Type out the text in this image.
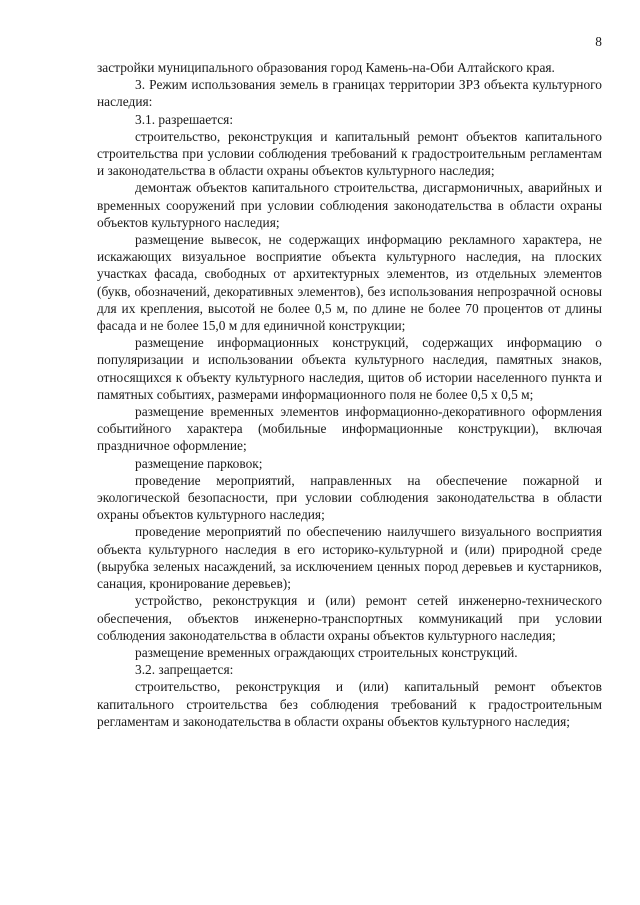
8

застройки муниципального образования город Камень-на-Оби Алтайского края.

3. Режим использования земель в границах территории ЗРЗ объекта культурного наследия:

3.1. разрешается:

строительство, реконструкция и капитальный ремонт объектов капитального строительства при условии соблюдения требований к градостроительным регламентам и законодательства в области охраны объектов культурного наследия;

демонтаж объектов капитального строительства, дисгармоничных, аварийных и временных сооружений при условии соблюдения законодательства в области охраны объектов культурного наследия;

размещение вывесок, не содержащих информацию рекламного характера, не искажающих визуальное восприятие объекта культурного наследия, на плоских участках фасада, свободных от архитектурных элементов, из отдельных элементов (букв, обозначений, декоративных элементов), без использования непрозрачной основы для их крепления, высотой не более 0,5 м, по длине не более 70 процентов от длины фасада и не более 15,0 м для единичной конструкции;

размещение информационных конструкций, содержащих информацию о популяризации и использовании объекта культурного наследия, памятных знаков, относящихся к объекту культурного наследия, щитов об истории населенного пункта и памятных событиях, размерами информационного поля не более 0,5 х 0,5 м;

размещение временных элементов информационно-декоративного оформления событийного характера (мобильные информационные конструкции), включая праздничное оформление;

размещение парковок;

проведение мероприятий, направленных на обеспечение пожарной и экологической безопасности, при условии соблюдения законодательства в области охраны объектов культурного наследия;

проведение мероприятий по обеспечению наилучшего визуального восприятия объекта культурного наследия в его историко-культурной и (или) природной среде (вырубка зеленых насаждений, за исключением ценных пород деревьев и кустарников, санация, кронирование деревьев);

устройство, реконструкция и (или) ремонт сетей инженерно-технического обеспечения, объектов инженерно-транспортных коммуникаций при условии соблюдения законодательства в области охраны объектов культурного наследия;

размещение временных ограждающих строительных конструкций.

3.2. запрещается:

строительство, реконструкция и (или) капитальный ремонт объектов капитального строительства без соблюдения требований к градостроительным регламентам и законодательства в области охраны объектов культурного наследия;
